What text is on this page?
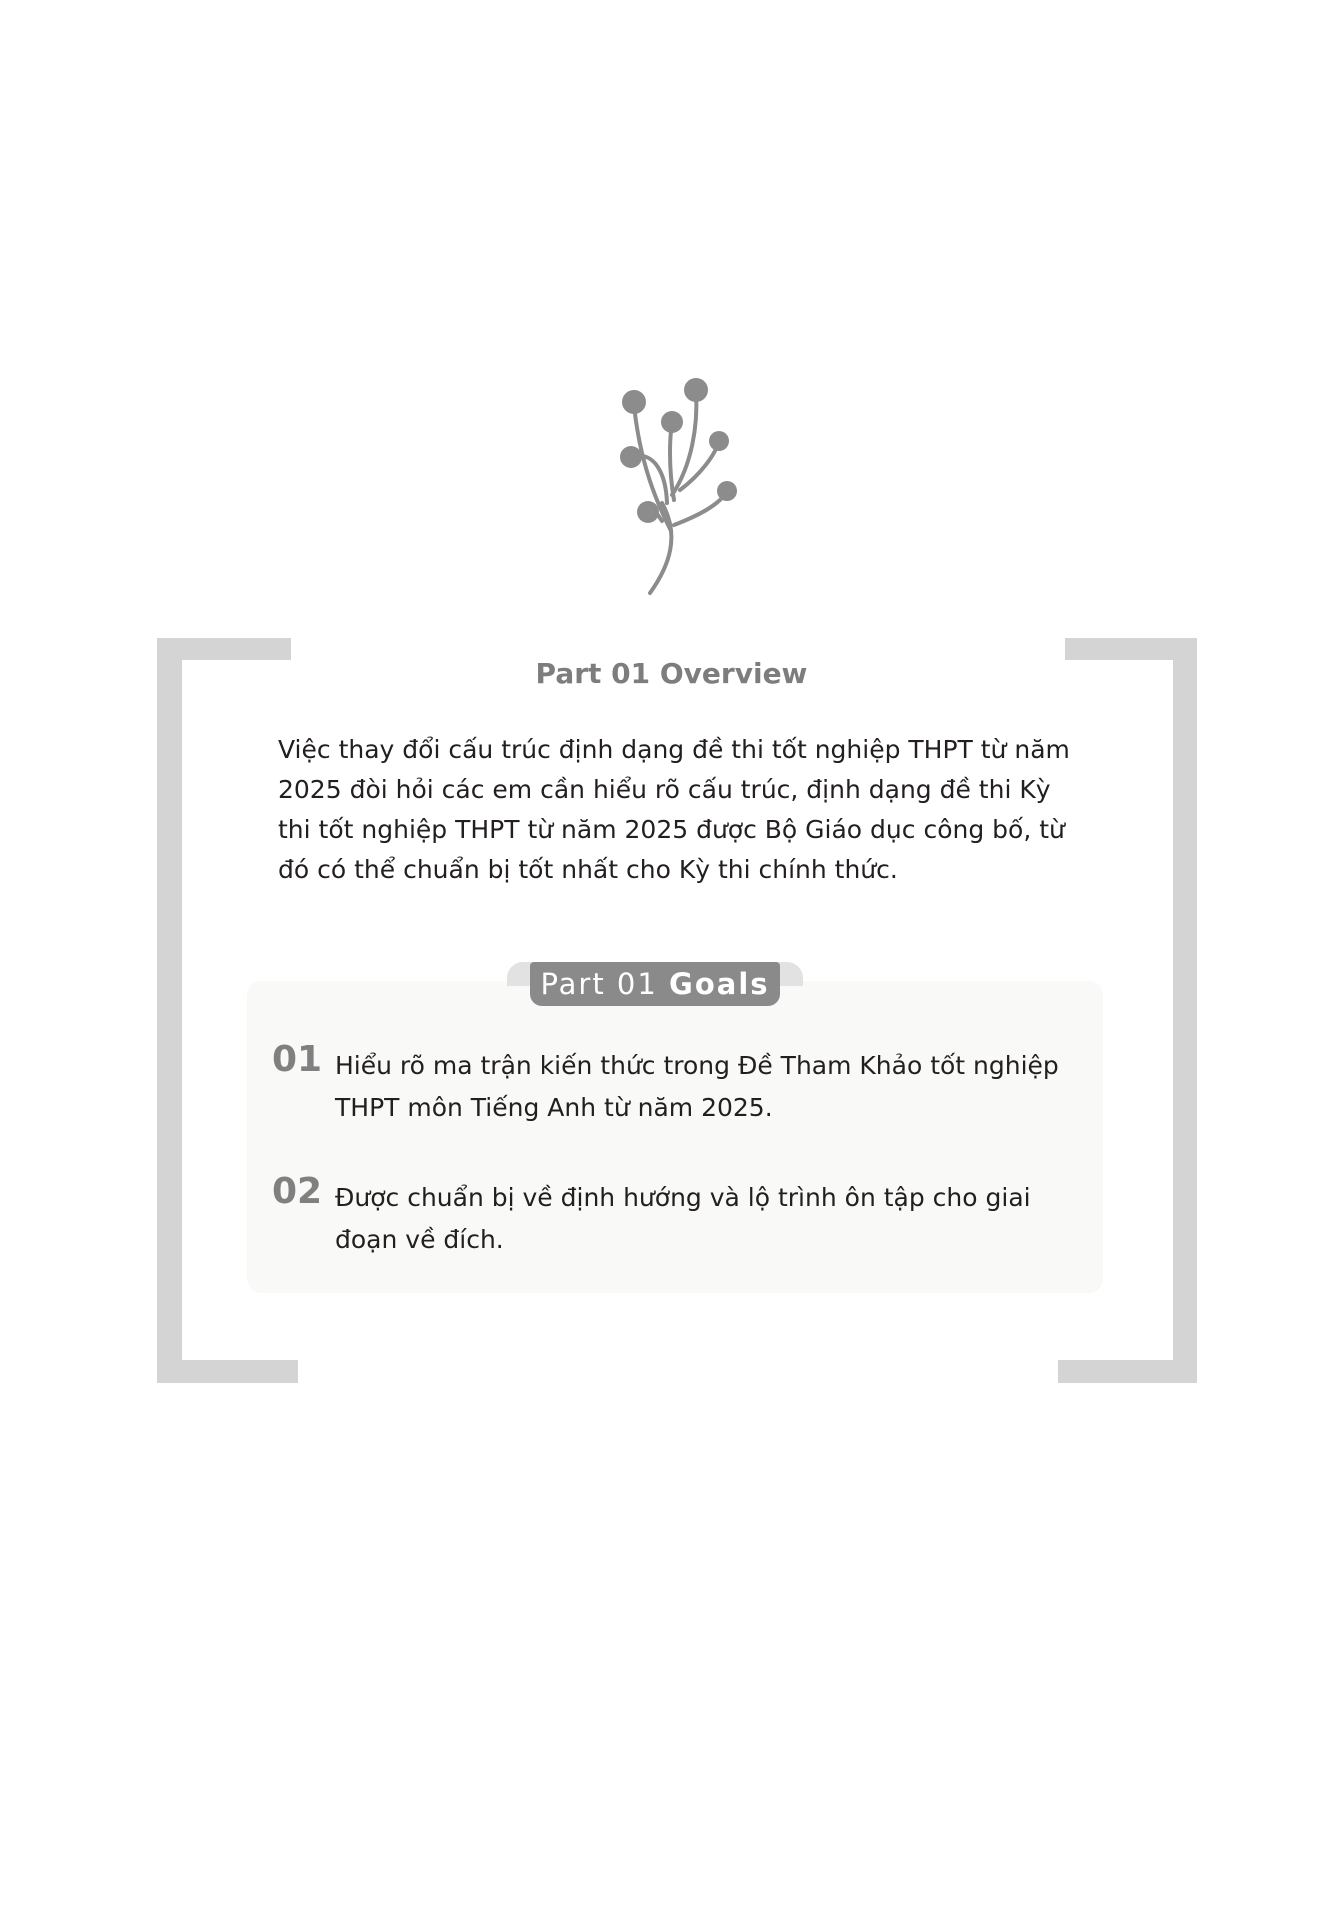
Part 01 Overview

Việc thay đổi cấu trúc định dạng đề thi tốt nghiệp THPT từ năm 2025 đòi hỏi các em cần hiểu rõ cấu trúc, định dạng đề thi Kỳ thi tốt nghiệp THPT từ năm 2025 được Bộ Giáo dục công bố, từ đó có thể chuẩn bị tốt nhất cho Kỳ thi chính thức.

Part 01 Goals
01 Hiểu rõ ma trận kiến thức trong Đề Tham Khảo tốt nghiệp THPT môn Tiếng Anh từ năm 2025.

02 Được chuẩn bị về định hướng và lộ trình ôn tập cho giai đoạn về đích.
